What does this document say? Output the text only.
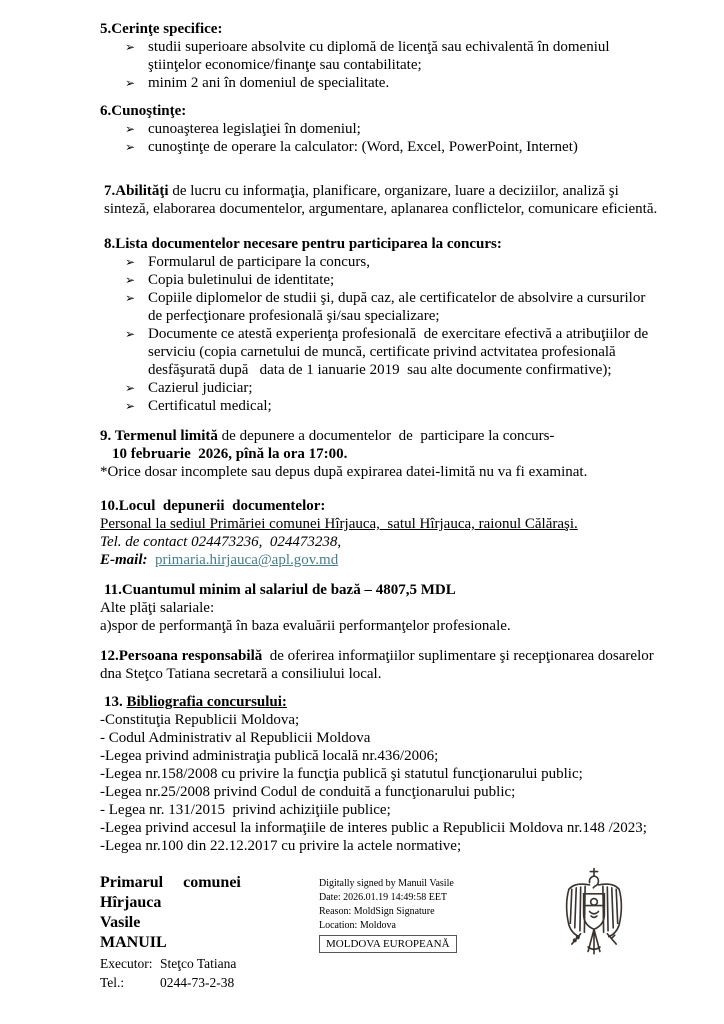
5.Cerinţe specifice:

➢ studii superioare absolvite cu diplomă de licenţă sau echivalentă în domeniul ştiinţelor economice/finanţe sau contabilitate;
➢ minim 2 ani în domeniul de specialitate.

6.Cunoştinţe:

➢ cunoaşterea legislaţiei în domeniul;
➢ cunoştinţe de operare la calculator: (Word, Excel, PowerPoint, Internet)

7.Abilităţi de lucru cu informaţia, planificare, organizare, luare a deciziilor, analiză şi sinteză, elaborarea documentelor, argumentare, aplanarea conflictelor, comunicare eficientă.

8.Lista documentelor necesare pentru participarea la concurs:

➢ Formularul de participare la concurs,
➢ Copia buletinului de identitate;
➢ Copiile diplomelor de studii şi, după caz, ale certificatelor de absolvire a cursurilor de perfecţionare profesională şi/sau specializare;
➢ Documente ce atestă experienţa profesională  de exercitare efectivă a atribuţiilor de serviciu (copia carnetului de muncă, certificate privind actvitatea profesională desfăşurată după   data de 1 ianuarie 2019  sau alte documente confirmative);
➢ Cazierul judiciar;
➢ Certificatul medical;

9. Termenul limită de depunere a documentelor  de  participare la concurs-

10 februarie  2026, pînă la ora 17:00.

*Orice dosar incomplete sau depus după expirarea datei-limită nu va fi examinat.

10.Locul  depunerii  documentelor:

Personal la sediul Primăriei comunei Hîrjauca,  satul Hîrjauca, raionul Călăraşi.

Tel. de contact 024473236,  024473238,

E-mail: primaria.hirjauca@apl.gov.md

11.Cuantumul minim al salariul de bază – 4807,5 MDL

Alte plăţi salariale:

a)spor de performanţă în baza evaluării performanţelor profesionale.

12.Persoana responsabilă  de oferirea informaţiilor suplimentare şi recepţionarea dosarelor dna Steţco Tatiana secretară a consiliului local.

13. Bibliografia concursului:

-Constituţia Republicii Moldova;

- Codul Administrativ al Republicii Moldova

-Legea privind administraţia publică locală nr.436/2006;

-Legea nr.158/2008 cu privire la funcţia publică şi statutul funcţionarului public;

-Legea nr.25/2008 privind Codul de conduită a funcţionarului public;

- Legea nr. 131/2015  privind achiziţiile publice;

-Legea privind accesul la informaţiile de interes public a Republicii Moldova nr.148 /2023;

-Legea nr.100 din 22.12.2017 cu privire la actele normative;

Primarul  comunei Hîrjauca
Vasile
MANUIL
Executor: Steţco Tatiana
Tel.:	0244-73-2-38
Digitally signed by Manuil Vasile
Date: 2026.01.19 14:49:58 EET
Reason: MoldSign Signature
Location: Moldova
MOLDOVA EUROPEANĂ
